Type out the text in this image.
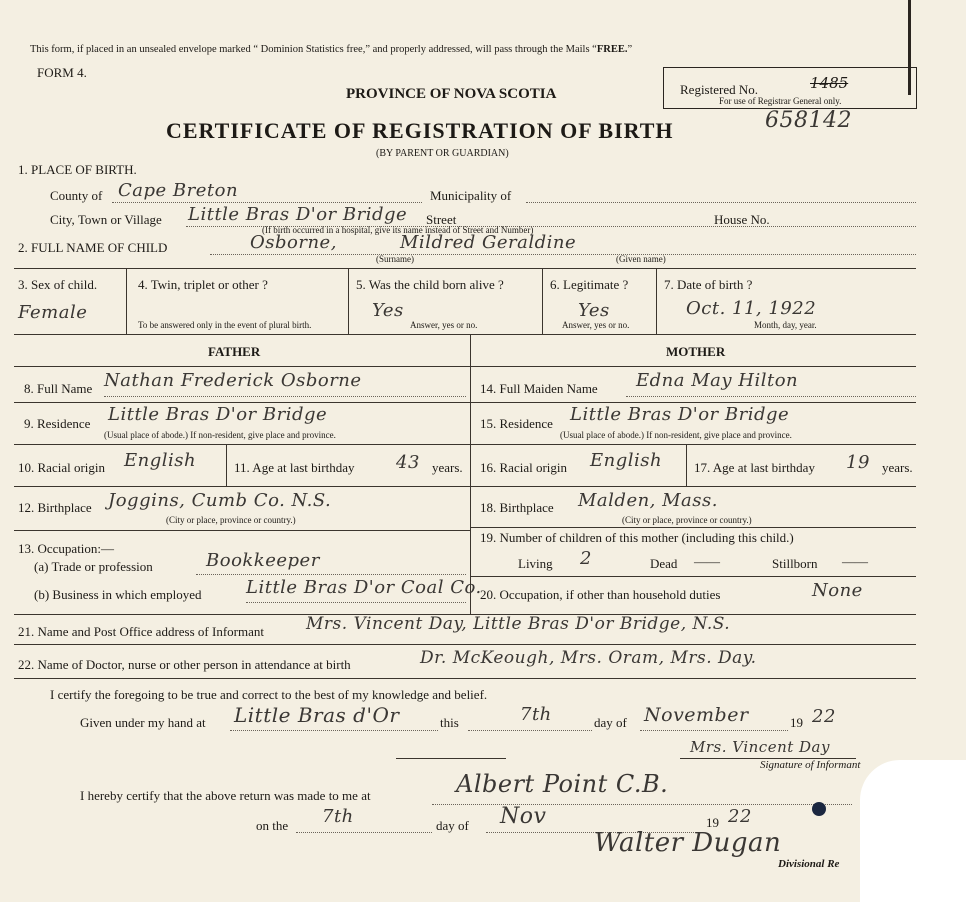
This form, if placed in an unsealed envelope marked “ Dominion Statistics free,” and properly addressed, will pass through the Mails “FREE.”
FORM 4.
PROVINCE OF NOVA SCOTIA
CERTIFICATE OF REGISTRATION OF BIRTH
(BY PARENT OR GUARDIAN)
Registered No.
For use of Registrar General only.
1485
658142
1. PLACE OF BIRTH.
County of Cape Breton	Municipality of
City, Town or Village Little Bras D'or Bridge Street	House No.
(If birth occurred in a hospital, give its name instead of Street and Number)
2. FULL NAME OF CHILD	Osborne,	Mildred Geraldine
(Surname)	(Given name)
3. Sex of child.
Female
4. Twin, triplet or other ?
To be answered only in the event of plural birth.
5. Was the child born alive ?
Yes
Answer, yes or no.
6. Legitimate ?
Yes
Answer, yes or no.
7. Date of birth ?
Oct. 11, 1922
Month, day, year.
FATHER	MOTHER
8. Full Name Nathan Frederick Osborne
9. Residence Little Bras D'or Bridge
(Usual place of abode.) If non-resident, give place and province.
10. Racial origin English	11. Age at last birthday 43 years.
12. Birthplace Joggins, Cumb Co. N.S.
(City or place, province or country.)
13. Occupation:—
(a) Trade or profession	Bookkeeper
(b) Business in which employed Little Bras D'or Coal Co.
14. Full Maiden Name Edna May Hilton
15. Residence Little Bras D'or Bridge
(Usual place of abode.) If non-resident, give place and province.
16. Racial origin English 17. Age at last birthday 19 years.
18. Birthplace Malden, Mass.
(City or place, province or country.)
19. Number of children of this mother (including this child.)
Living 2	Dead ——	Stillborn ——
20. Occupation, if other than household duties	None
21. Name and Post Office address of Informant Mrs. Vincent Day, Little Bras D'or Bridge, N.S.
22. Name of Doctor, nurse or other person in attendance at birth	Dr. McKeough, Mrs. Oram, Mrs. Day.
I certify the foregoing to be true and correct to the best of my knowledge and belief.
Given under my hand at Little Bras d'Or	this	7th	day of November	19 22
Mrs. Vincent Day
Signature of Informant
I hereby certify that the above return was made to me at	Albert Point C.B.
on the 7th	day of Nov	19 22
Walter Dugan
Divisional Re
